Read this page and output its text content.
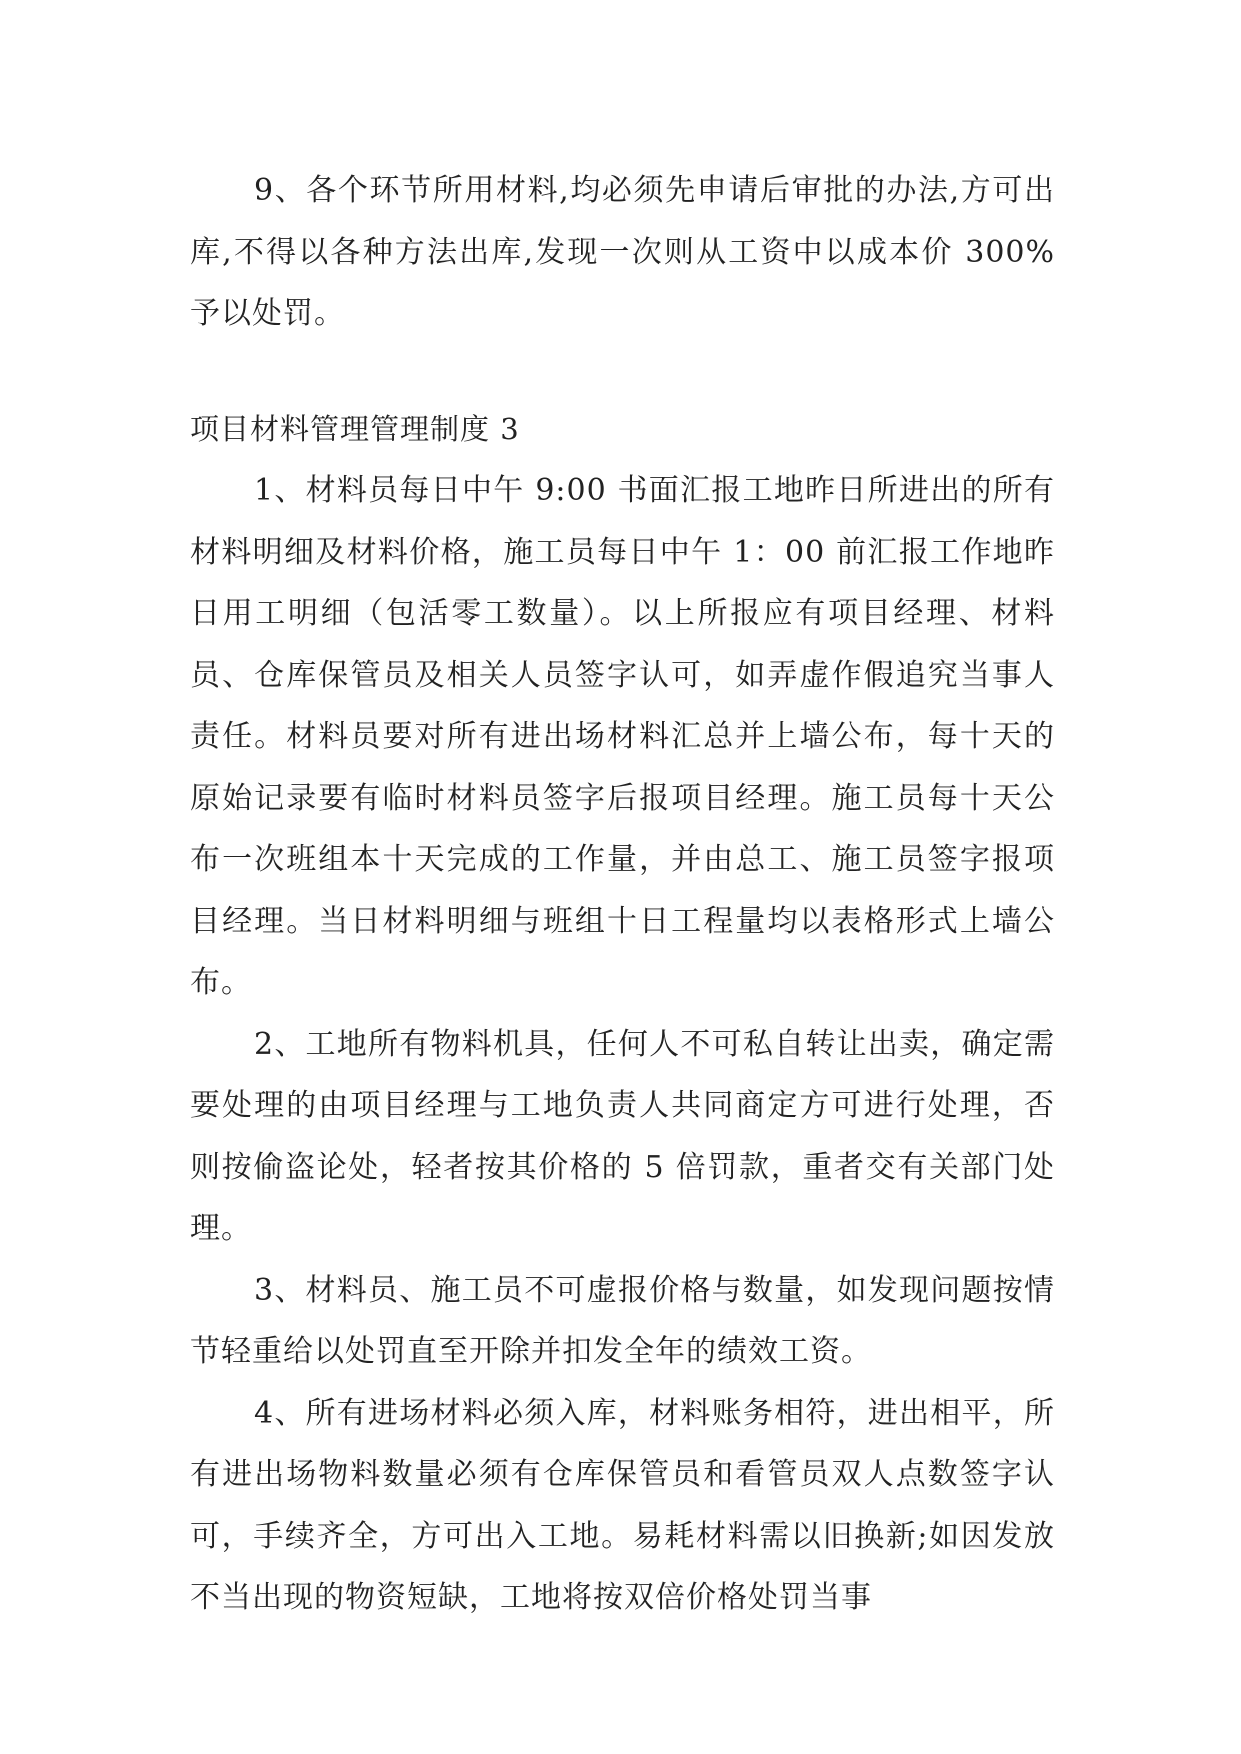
9、各个环节所用材料,均必须先申请后审批的办法,方可出库,不得以各种方法出库,发现一次则从工资中以成本价 300%予以处罚。

项目材料管理管理制度 3

1、材料员每日中午 9:00 书面汇报工地昨日所进出的所有材料明细及材料价格，施工员每日中午 1：00 前汇报工作地昨日用工明细（包活零工数量）。以上所报应有项目经理、材料员、仓库保管员及相关人员签字认可，如弄虚作假追究当事人责任。材料员要对所有进出场材料汇总并上墙公布，每十天的原始记录要有临时材料员签字后报项目经理。施工员每十天公布一次班组本十天完成的工作量，并由总工、施工员签字报项目经理。当日材料明细与班组十日工程量均以表格形式上墙公布。

2、工地所有物料机具，任何人不可私自转让出卖，确定需要处理的由项目经理与工地负责人共同商定方可进行处理，否则按偷盗论处，轻者按其价格的 5 倍罚款，重者交有关部门处理。

3、材料员、施工员不可虚报价格与数量，如发现问题按情节轻重给以处罚直至开除并扣发全年的绩效工资。

4、所有进场材料必须入库，材料账务相符，进出相平，所有进出场物料数量必须有仓库保管员和看管员双人点数签字认可，手续齐全，方可出入工地。易耗材料需以旧换新;如因发放不当出现的物资短缺，工地将按双倍价格处罚当事
